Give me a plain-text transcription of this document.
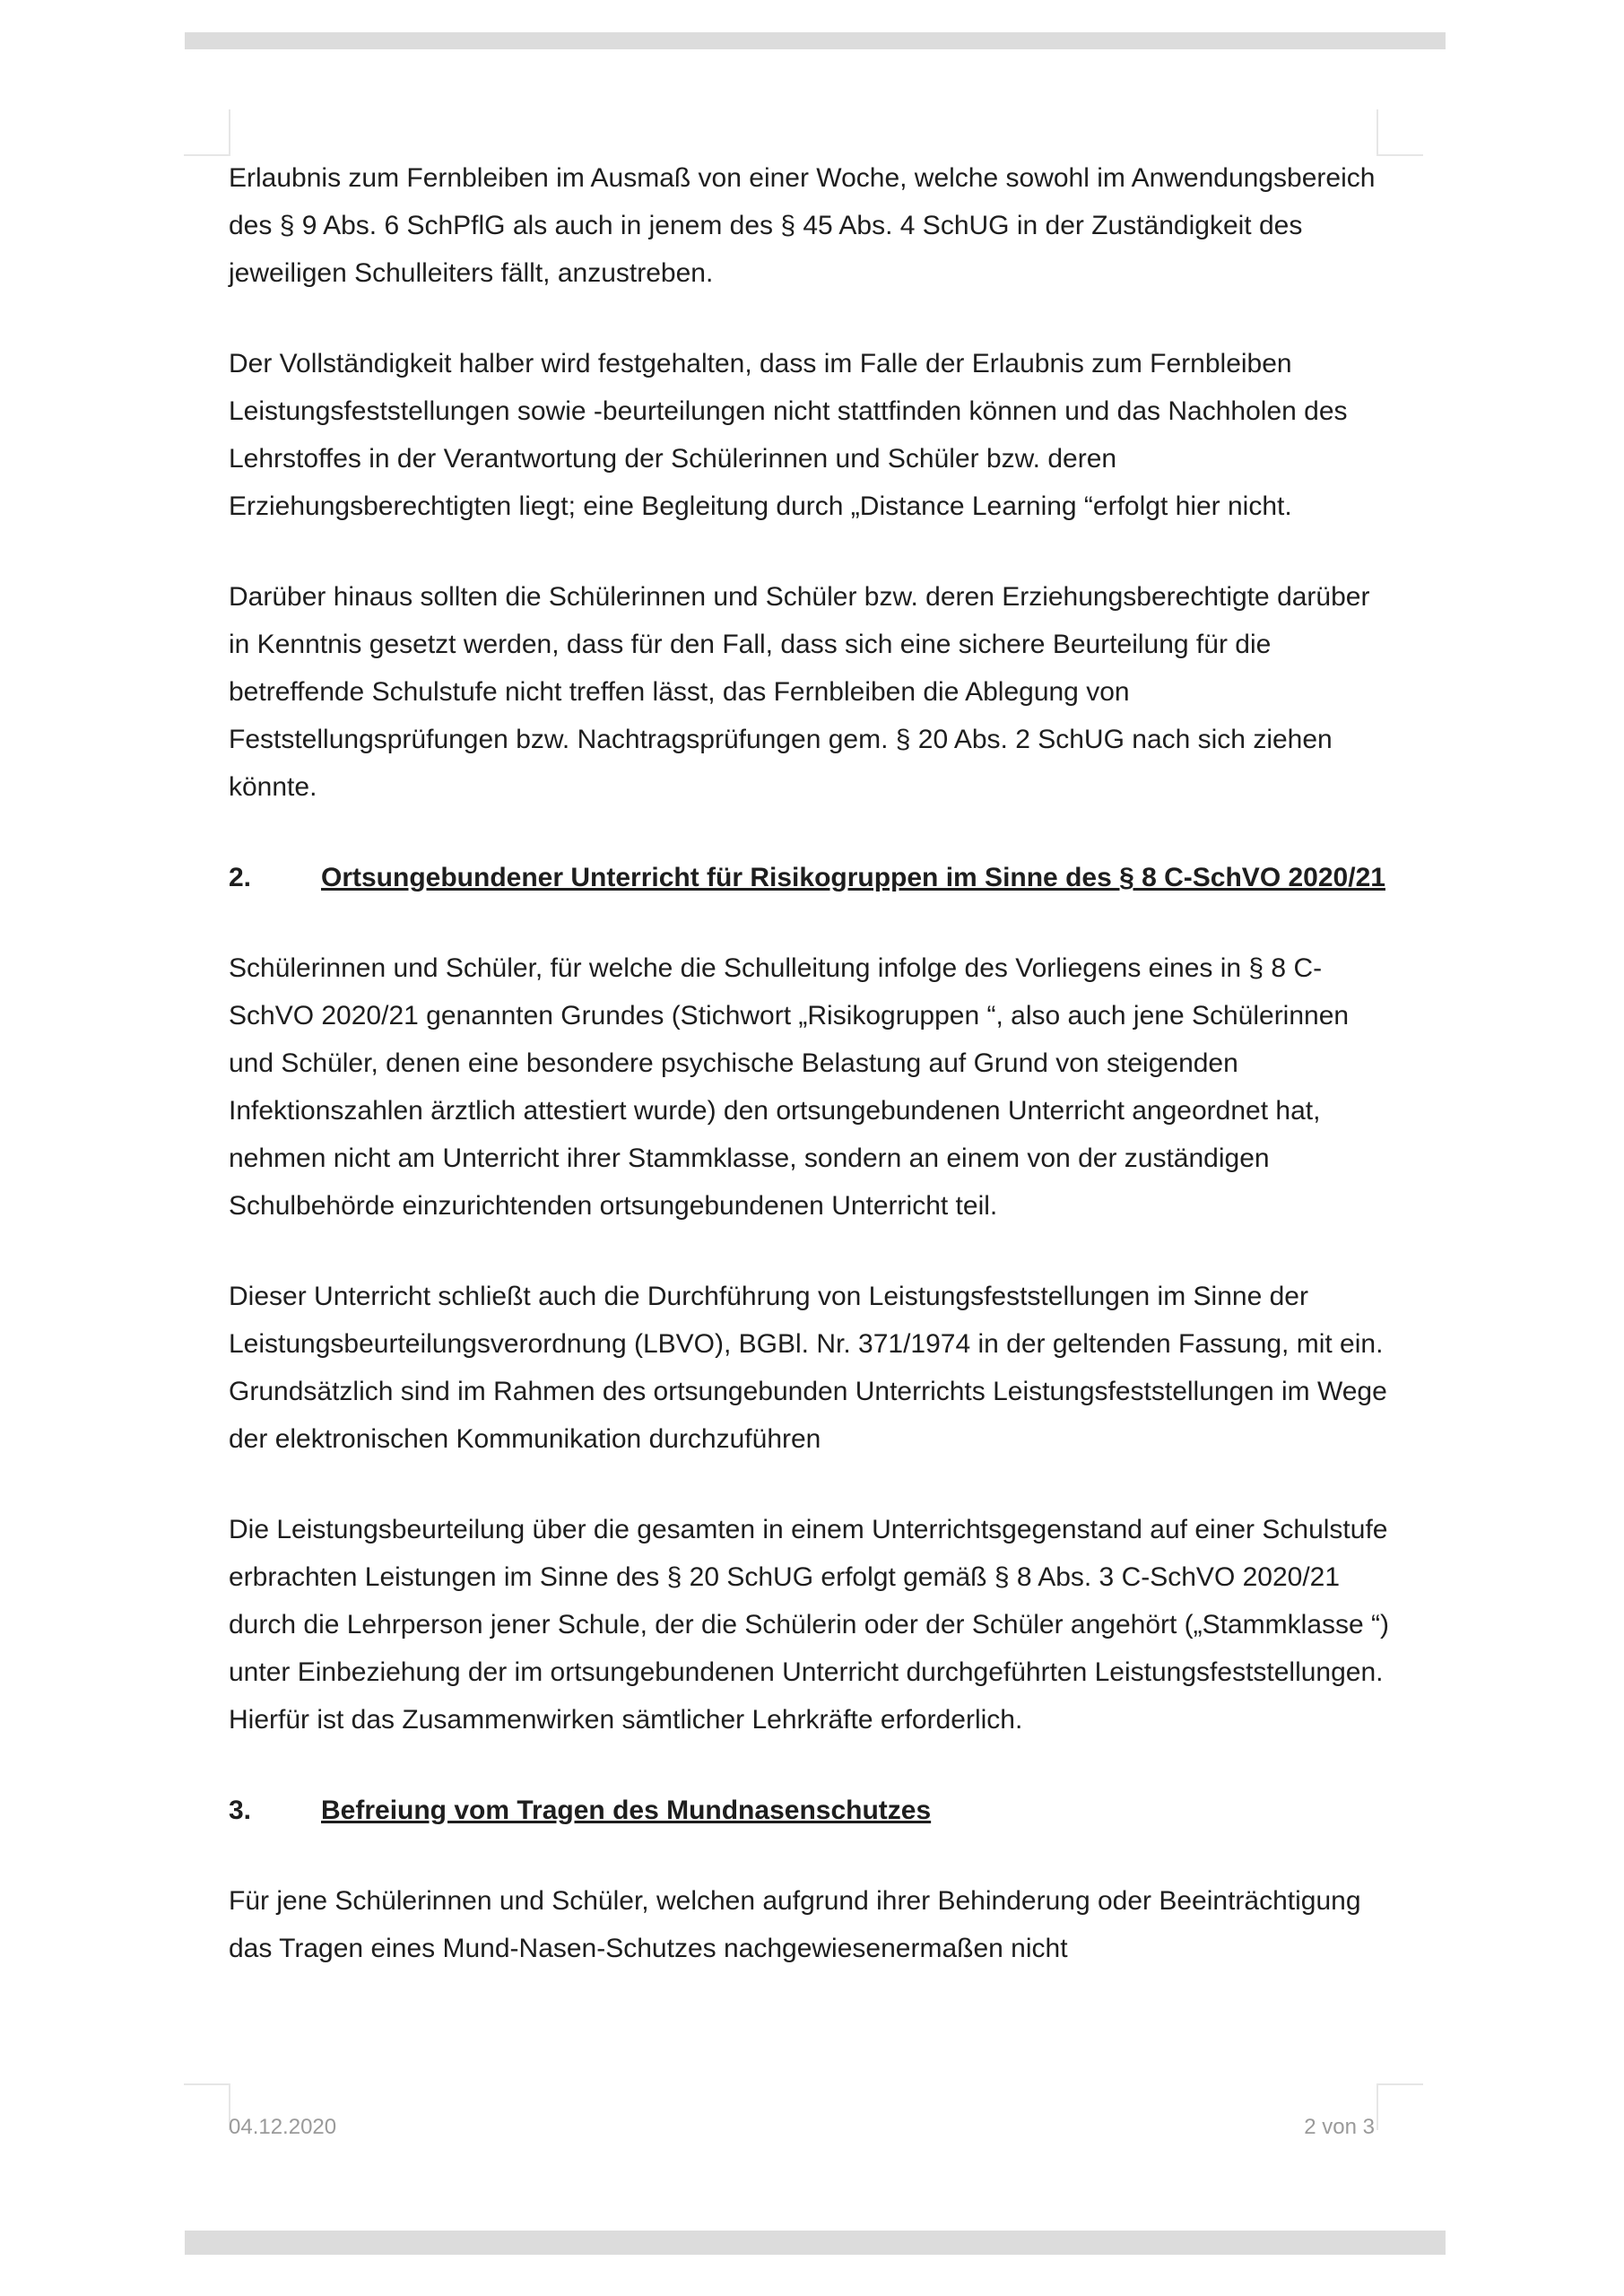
Erlaubnis zum Fernbleiben im Ausmaß von einer Woche, welche sowohl im Anwendungsbereich des § 9 Abs. 6 SchPflG als auch in jenem des § 45 Abs. 4 SchUG in der Zuständigkeit des jeweiligen Schulleiters fällt, anzustreben.

Der Vollständigkeit halber wird festgehalten, dass im Falle der Erlaubnis zum Fernbleiben Leistungsfeststellungen sowie -beurteilungen nicht stattfinden können und das Nachholen des Lehrstoffes in der Verantwortung der Schülerinnen und Schüler bzw. deren Erziehungsberechtigten liegt; eine Begleitung durch „Distance Learning “erfolgt hier nicht.

Darüber hinaus sollten die Schülerinnen und Schüler bzw. deren Erziehungsberechtigte darüber in Kenntnis gesetzt werden, dass für den Fall, dass sich eine sichere Beurteilung für die betreffende Schulstufe nicht treffen lässt, das Fernbleiben die Ablegung von Feststellungsprüfungen bzw. Nachtragsprüfungen gem. § 20 Abs. 2 SchUG nach sich ziehen könnte.

2.	Ortsungebundener Unterricht für Risikogruppen im Sinne des § 8 C-SchVO 2020/21

Schülerinnen und Schüler, für welche die Schulleitung infolge des Vorliegens eines in § 8 C-SchVO 2020/21 genannten Grundes (Stichwort „Risikogruppen “, also auch jene Schülerinnen und Schüler, denen eine besondere psychische Belastung auf Grund von steigenden Infektionszahlen ärztlich attestiert wurde) den ortsungebundenen Unterricht angeordnet hat, nehmen nicht am Unterricht ihrer Stammklasse, sondern an einem von der zuständigen Schulbehörde einzurichtenden ortsungebundenen Unterricht teil.

Dieser Unterricht schließt auch die Durchführung von Leistungsfeststellungen im Sinne der Leistungsbeurteilungsverordnung (LBVO), BGBl. Nr. 371/1974 in der geltenden Fassung, mit ein. Grundsätzlich sind im Rahmen des ortsungebunden Unterrichts Leistungsfeststellungen im Wege der elektronischen Kommunikation durchzuführen

Die Leistungsbeurteilung über die gesamten in einem Unterrichtsgegenstand auf einer Schulstufe erbrachten Leistungen im Sinne des § 20 SchUG erfolgt gemäß § 8 Abs. 3 C-SchVO 2020/21 durch die Lehrperson jener Schule, der die Schülerin oder der Schüler angehört („Stammklasse “) unter Einbeziehung der im ortsungebundenen Unterricht durchgeführten Leistungsfeststellungen. Hierfür ist das Zusammenwirken sämtlicher Lehrkräfte erforderlich.

3.	Befreiung vom Tragen des Mundnasenschutzes

Für jene Schülerinnen und Schüler, welchen aufgrund ihrer Behinderung oder Beeinträchtigung das Tragen eines Mund-Nasen-Schutzes nachgewiesenermaßen nicht

04.12.2020	2 von 3
